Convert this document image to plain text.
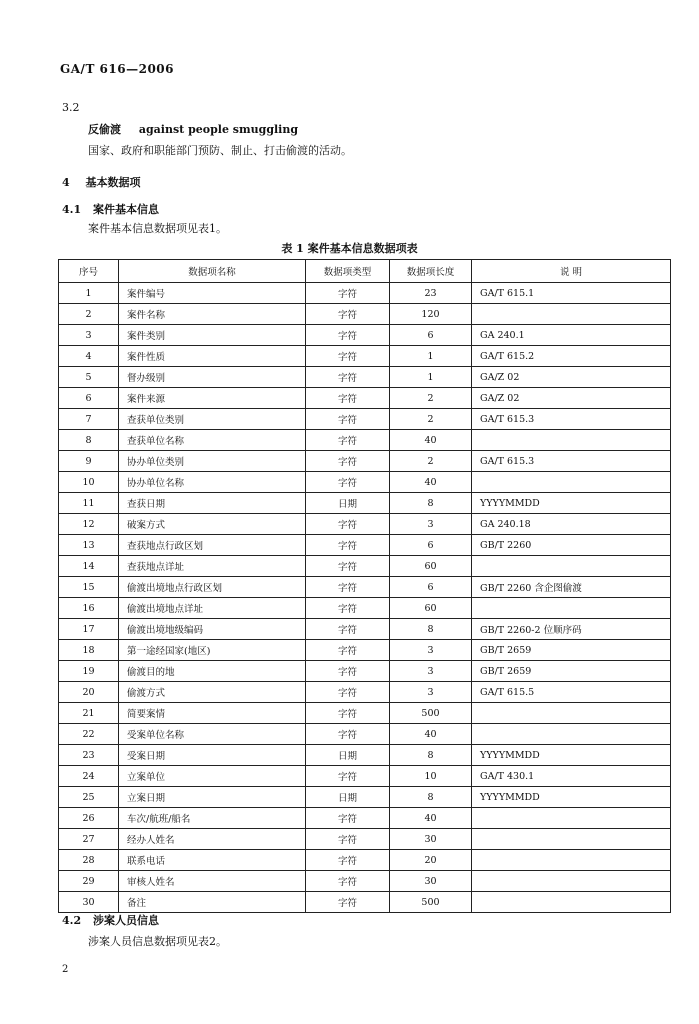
GA/T 616—2006
3.2
反偷渡 against people smuggling
国家、政府和职能部门预防、制止、打击偷渡的活动。
4 基本数据项
4.1 案件基本信息
案件基本信息数据项见表1。
表 1 案件基本信息数据项表
序号	数据项名称	数据项类型	数据项长度	说 明
1	案件编号	字符	23	GA/T 615.1
2	案件名称	字符	120	
3	案件类别	字符	6	GA 240.1
4	案件性质	字符	1	GA/T 615.2
5	督办级别	字符	1	GA/Z 02
6	案件来源	字符	2	GA/Z 02
7	查获单位类别	字符	2	GA/T 615.3
8	查获单位名称	字符	40	
9	协办单位类别	字符	2	GA/T 615.3
10	协办单位名称	字符	40	
11	查获日期	日期	8	YYYYMMDD
12	破案方式	字符	3	GA 240.18
13	查获地点行政区划	字符	6	GB/T 2260
14	查获地点详址	字符	60	
15	偷渡出境地点行政区划	字符	6	GB/T 2260 含企图偷渡
16	偷渡出境地点详址	字符	60	
17	偷渡出境地级编码	字符	8	GB/T 2260-2 位顺序码
18	第一途经国家(地区)	字符	3	GB/T 2659
19	偷渡目的地	字符	3	GB/T 2659
20	偷渡方式	字符	3	GA/T 615.5
21	简要案情	字符	500	
22	受案单位名称	字符	40	
23	受案日期	日期	8	YYYYMMDD
24	立案单位	字符	10	GA/T 430.1
25	立案日期	日期	8	YYYYMMDD
26	车次/航班/船名	字符	40	
27	经办人姓名	字符	30	
28	联系电话	字符	20	
29	审核人姓名	字符	30	
30	备注	字符	500	
4.2 涉案人员信息
涉案人员信息数据项见表2。
2
